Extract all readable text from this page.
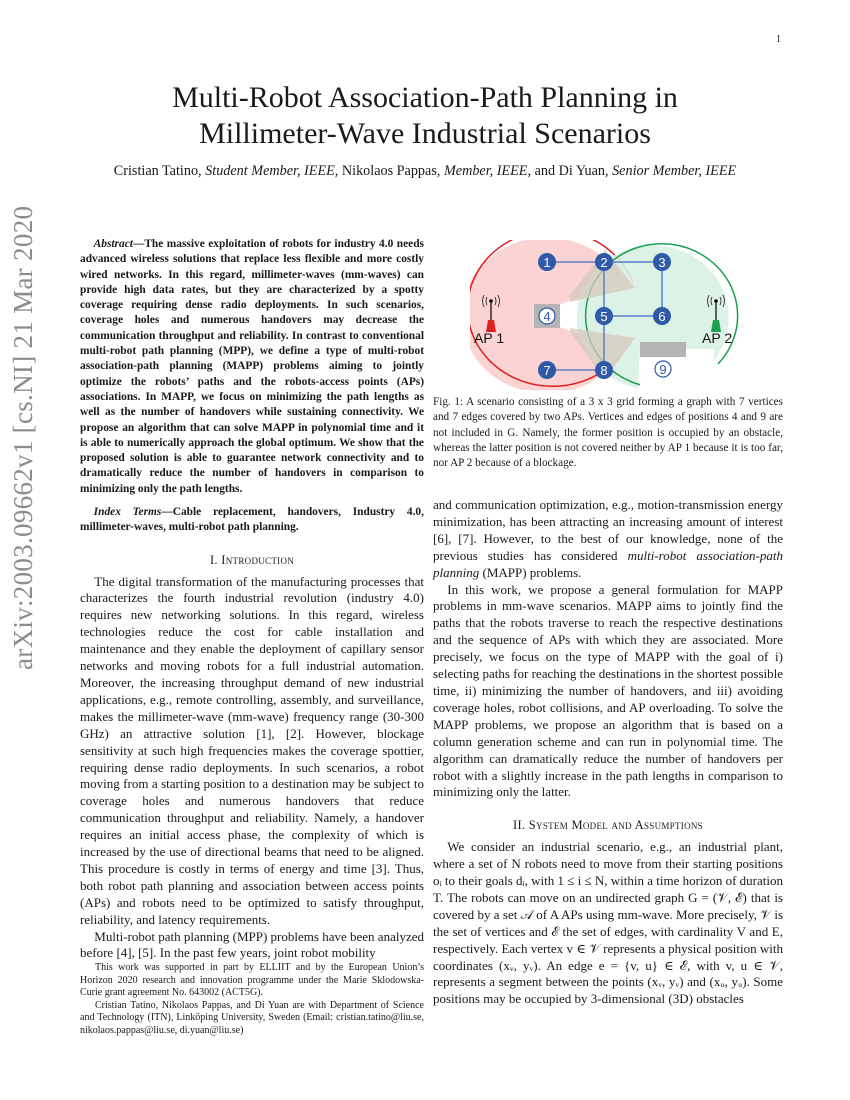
1
arXiv:2003.09662v1 [cs.NI] 21 Mar 2020
Multi-Robot Association-Path Planning in
Millimeter-Wave Industrial Scenarios
Cristian Tatino, Student Member, IEEE, Nikolaos Pappas, Member, IEEE, and Di Yuan, Senior Member, IEEE

Abstract—The massive exploitation of robots for industry 4.0 needs advanced wireless solutions that replace less flexible and more costly wired networks. In this regard, millimeter-waves (mm-waves) can provide high data rates, but they are characterized by a spotty coverage requiring dense radio deployments. In such scenarios, coverage holes and numerous handovers may decrease the communication throughput and reliability. In contrast to conventional multi-robot path planning (MPP), we define a type of multi-robot association-path planning (MAPP) problems aiming to jointly optimize the robots’ paths and the robots-access points (APs) associations. In MAPP, we focus on minimizing the path lengths as well as the number of handovers while sustaining connectivity. We propose an algorithm that can solve MAPP in polynomial time and it is able to numerically approach the global optimum. We show that the proposed solution is able to guarantee network connectivity and to dramatically reduce the number of handovers in comparison to minimizing only the path lengths.

Index Terms—Cable replacement, handovers, Industry 4.0, millimeter-waves, multi-robot path planning.

I. Introduction

The digital transformation of the manufacturing processes that characterizes the fourth industrial revolution (industry 4.0) requires new networking solutions. In this regard, wireless technologies reduce the cost for cable installation and maintenance and they enable the deployment of capillary sensor networks and moving robots for a full industrial automation. Moreover, the increasing throughput demand of new industrial applications, e.g., remote controlling, assembly, and surveillance, makes the millimeter-wave (mm-wave) frequency range (30-300 GHz) an attractive solution [1], [2]. However, blockage sensitivity at such high frequencies makes the coverage spottier, requiring dense radio deployments. In such scenarios, a robot moving from a starting position to a destination may be subject to coverage holes and numerous handovers that reduce communication throughput and reliability. Namely, a handover requires an initial access phase, the complexity of which is increased by the use of directional beams that need to be aligned. This procedure is costly in terms of energy and time [3]. Thus, both robot path planning and association between access points (APs) and robots need to be optimized to satisfy throughput, reliability, and latency requirements.

Multi-robot path planning (MPP) problems have been analyzed before [4], [5]. In the past few years, joint robot mobility

This work was supported in part by ELLIIT and by the European Union’s Horizon 2020 research and innovation programme under the Marie Sklodowska-Curie grant agreement No. 643002 (ACT5G).

Cristian Tatino, Nikolaos Pappas, and Di Yuan are with Department of Science and Technology (ITN), Linköping University, Sweden (Email: cristian.tatino@liu.se, nikolaos.pappas@liu.se, di.yuan@liu.se)

1	2	3
4	5	6
7	8	9
AP 1	AP 2
Fig. 1: A scenario consisting of a 3 x 3 grid forming a graph with 7 vertices and 7 edges covered by two APs. Vertices and edges of positions 4 and 9 are not included in G. Namely, the former position is occupied by an obstacle, whereas the latter position is not covered neither by AP 1 because it is too far, nor AP 2 because of a blockage.

and communication optimization, e.g., motion-transmission energy minimization, has been attracting an increasing amount of interest [6], [7]. However, to the best of our knowledge, none of the previous studies has considered multi-robot association-path planning (MAPP) problems.

In this work, we propose a general formulation for MAPP problems in mm-wave scenarios. MAPP aims to jointly find the paths that the robots traverse to reach the respective destinations and the sequence of APs with which they are associated. More precisely, we focus on the type of MAPP with the goal of i) selecting paths for reaching the destinations in the shortest possible time, ii) minimizing the number of handovers, and iii) avoiding coverage holes, robot collisions, and AP overloading. To solve the MAPP problems, we propose an algorithm that is based on a column generation scheme and can run in polynomial time. The algorithm can dramatically reduce the number of handovers per robot with a slightly increase in the path lengths in comparison to minimizing only the latter.

II. System Model and Assumptions

We consider an industrial scenario, e.g., an industrial plant, where a set of N robots need to move from their starting positions oᵢ to their goals dᵢ, with 1 ≤ i ≤ N, within a time horizon of duration T. The robots can move on an undirected graph G = (𝒱, ℰ) that is covered by a set 𝒜 of A APs using mm-wave. More precisely, 𝒱 is the set of vertices and ℰ the set of edges, with cardinality V and E, respectively. Each vertex v ∈ 𝒱 represents a physical position with coordinates (xᵥ, yᵥ). An edge e = {v, u} ∈ ℰ, with v, u ∈ 𝒱, represents a segment between the points (xᵥ, yᵥ) and (xᵤ, yᵤ). Some positions may be occupied by 3-dimensional (3D) obstacles
